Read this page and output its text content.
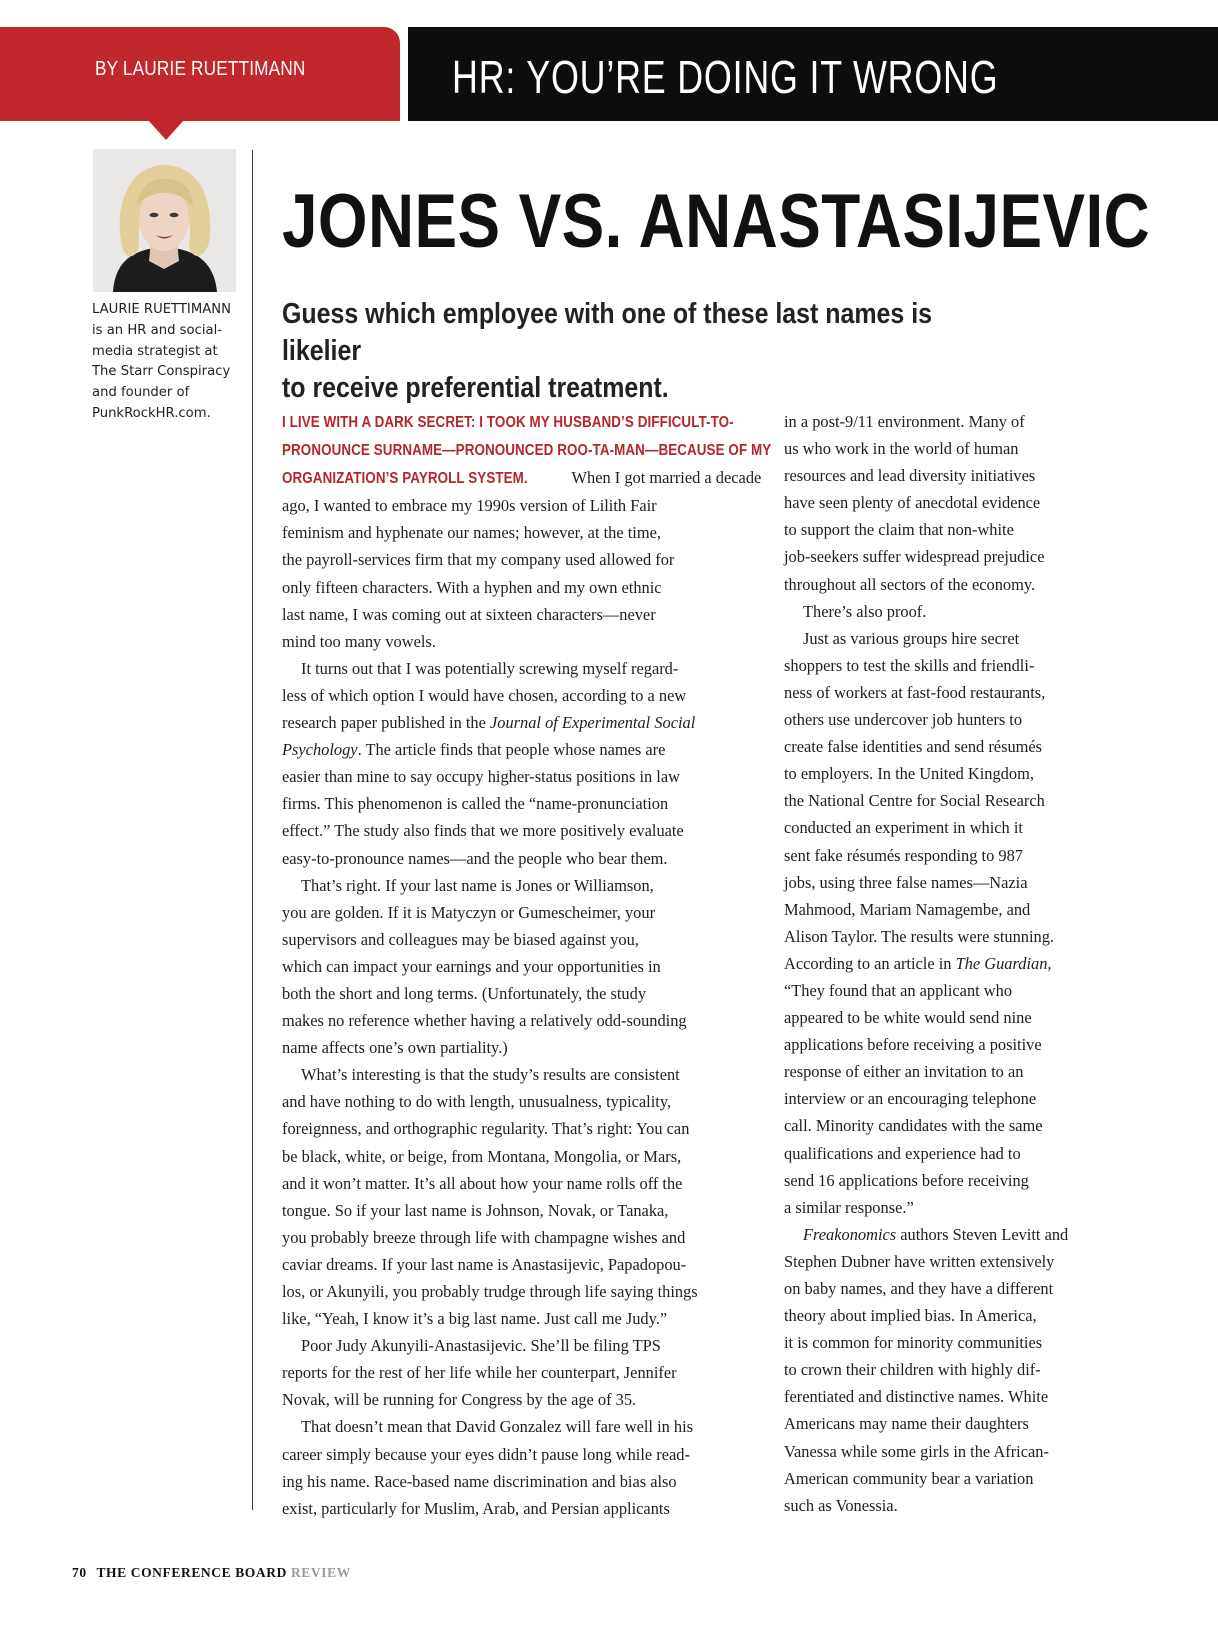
BY LAURIE RUETTIMANN	HR: YOU’RE DOING IT WRONG
LAURIE RUETTIMANN
is an HR and social-
media strategist at
The Starr Conspiracy
and founder of
PunkRockHR.com.
JONES VS. ANASTASIJEVIC
Guess which employee with one of these last names is likelier
to receive preferential treatment.
I LIVE WITH A DARK SECRET: I TOOK MY HUSBAND’S DIFFICULT-TO-
PRONOUNCE SURNAME—PRONOUNCED ROO-TA-MAN—BECAUSE OF MY
ORGANIZATION’S PAYROLL SYSTEM. When I got married a decade
ago, I wanted to embrace my 1990s version of Lilith Fair
feminism and hyphenate our names; however, at the time,
the payroll-services firm that my company used allowed for
only fifteen characters. With a hyphen and my own ethnic
last name, I was coming out at sixteen characters—never
mind too many vowels.
It turns out that I was potentially screwing myself regard-
less of which option I would have chosen, according to a new
research paper published in the Journal of Experimental Social
Psychology. The article finds that people whose names are
easier than mine to say occupy higher-status positions in law
firms. This phenomenon is called the “name-pronunciation
effect.” The study also finds that we more positively evaluate
easy-to-pronounce names—and the people who bear them.
That’s right. If your last name is Jones or Williamson,
you are golden. If it is Matyczyn or Gumescheimer, your
supervisors and colleagues may be biased against you,
which can impact your earnings and your opportunities in
both the short and long terms. (Unfortunately, the study
makes no reference whether having a relatively odd-sounding
name affects one’s own partiality.)
What’s interesting is that the study’s results are consistent
and have nothing to do with length, unusualness, typicality,
foreignness, and orthographic regularity. That’s right: You can
be black, white, or beige, from Montana, Mongolia, or Mars,
and it won’t matter. It’s all about how your name rolls off the
tongue. So if your last name is Johnson, Novak, or Tanaka,
you probably breeze through life with champagne wishes and
caviar dreams. If your last name is Anastasijevic, Papadopou-
los, or Akunyili, you probably trudge through life saying things
like, “Yeah, I know it’s a big last name. Just call me Judy.”
Poor Judy Akunyili-Anastasijevic. She’ll be filing TPS
reports for the rest of her life while her counterpart, Jennifer
Novak, will be running for Congress by the age of 35.
That doesn’t mean that David Gonzalez will fare well in his
career simply because your eyes didn’t pause long while read-
ing his name. Race-based name discrimination and bias also
exist, particularly for Muslim, Arab, and Persian applicants
in a post-9/11 environment. Many of
us who work in the world of human
resources and lead diversity initiatives
have seen plenty of anecdotal evidence
to support the claim that non-white
job-seekers suffer widespread prejudice
throughout all sectors of the economy.
There’s also proof.
Just as various groups hire secret
shoppers to test the skills and friendli-
ness of workers at fast-food restaurants,
others use undercover job hunters to
create false identities and send résumés
to employers. In the United Kingdom,
the National Centre for Social Research
conducted an experiment in which it
sent fake résumés responding to 987
jobs, using three false names—Nazia
Mahmood, Mariam Namagembe, and
Alison Taylor. The results were stunning.
According to an article in The Guardian,
“They found that an applicant who
appeared to be white would send nine
applications before receiving a positive
response of either an invitation to an
interview or an encouraging telephone
call. Minority candidates with the same
qualifications and experience had to
send 16 applications before receiving
a similar response.”
Freakonomics authors Steven Levitt and
Stephen Dubner have written extensively
on baby names, and they have a different
theory about implied bias. In America,
it is common for minority communities
to crown their children with highly dif-
ferentiated and distinctive names. White
Americans may name their daughters
Vanessa while some girls in the African-
American community bear a variation
such as Vonessia.
70 THE CONFERENCE BOARD REVIEW
